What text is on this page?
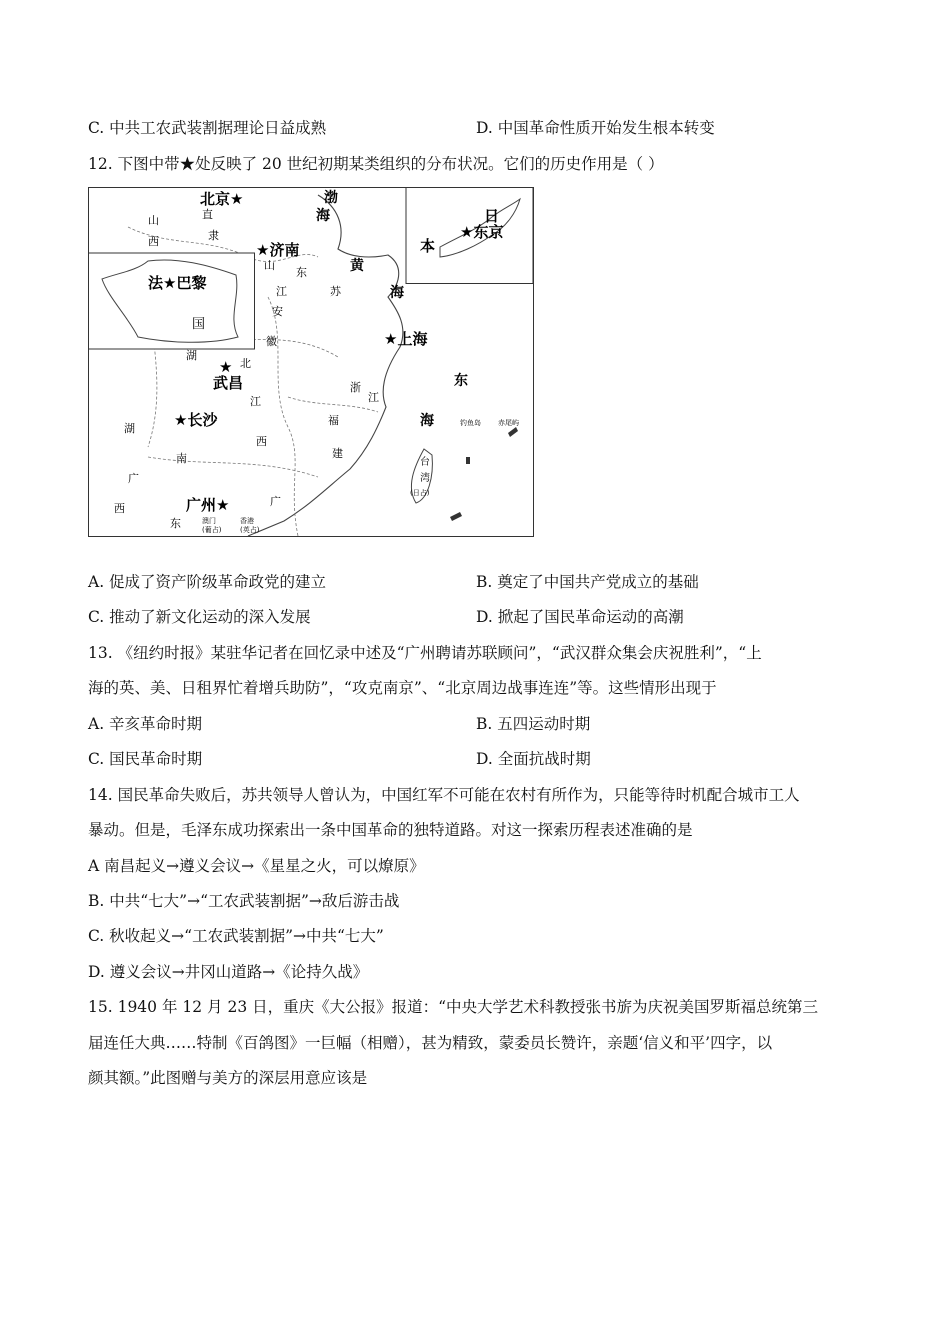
C. 中共工农武装割据理论日益成熟	D. 中国革命性质开始发生根本转变
12. 下图中带★处反映了 20 世纪初期某类组织的分布状况。它们的历史作用是（ ）
北京★
★济南
法★巴黎
★上海
★
武昌
★长沙
广州★
日
本
★东京
山
西
直
隶
山
东
江	苏
安
徽
湖
北
江
西
浙
江
福
建
湖
南
广
西
广
东
国
台
湾
渤
海
黄
海
东
海	钓鱼岛 赤尾屿
(日占)
澳门
(葡占)
香港
(英占)
A. 促成了资产阶级革命政党的建立	B. 奠定了中国共产党成立的基础
C. 推动了新文化运动的深入发展	D. 掀起了国民革命运动的高潮
13. 《纽约时报》某驻华记者在回忆录中述及“广州聘请苏联顾问”，“武汉群众集会庆祝胜利”，“上
海的英、美、日租界忙着增兵助防”，“攻克南京”、“北京周边战事连连”等。这些情形出现于
A. 辛亥革命时期	B. 五四运动时期
C. 国民革命时期	D. 全面抗战时期
14. 国民革命失败后，苏共领导人曾认为，中国红军不可能在农村有所作为，只能等待时机配合城市工人
暴动。但是，毛泽东成功探索出一条中国革命的独特道路。对这一探索历程表述准确的是
A 南昌起义→遵义会议→《星星之火，可以燎原》
B. 中共“七大”→“工农武装割据”→敌后游击战
C. 秋收起义→“工农武装割据”→中共“七大”
D. 遵义会议→井冈山道路→《论持久战》
15. 1940 年 12 月 23 日，重庆《大公报》报道：“中央大学艺术科教授张书旂为庆祝美国罗斯福总统第三
届连任大典……特制《百鸽图》一巨幅（相赠），甚为精致，蒙委员长赞许，亲题‘信义和平’四字，以
颜其额。”此图赠与美方的深层用意应该是
